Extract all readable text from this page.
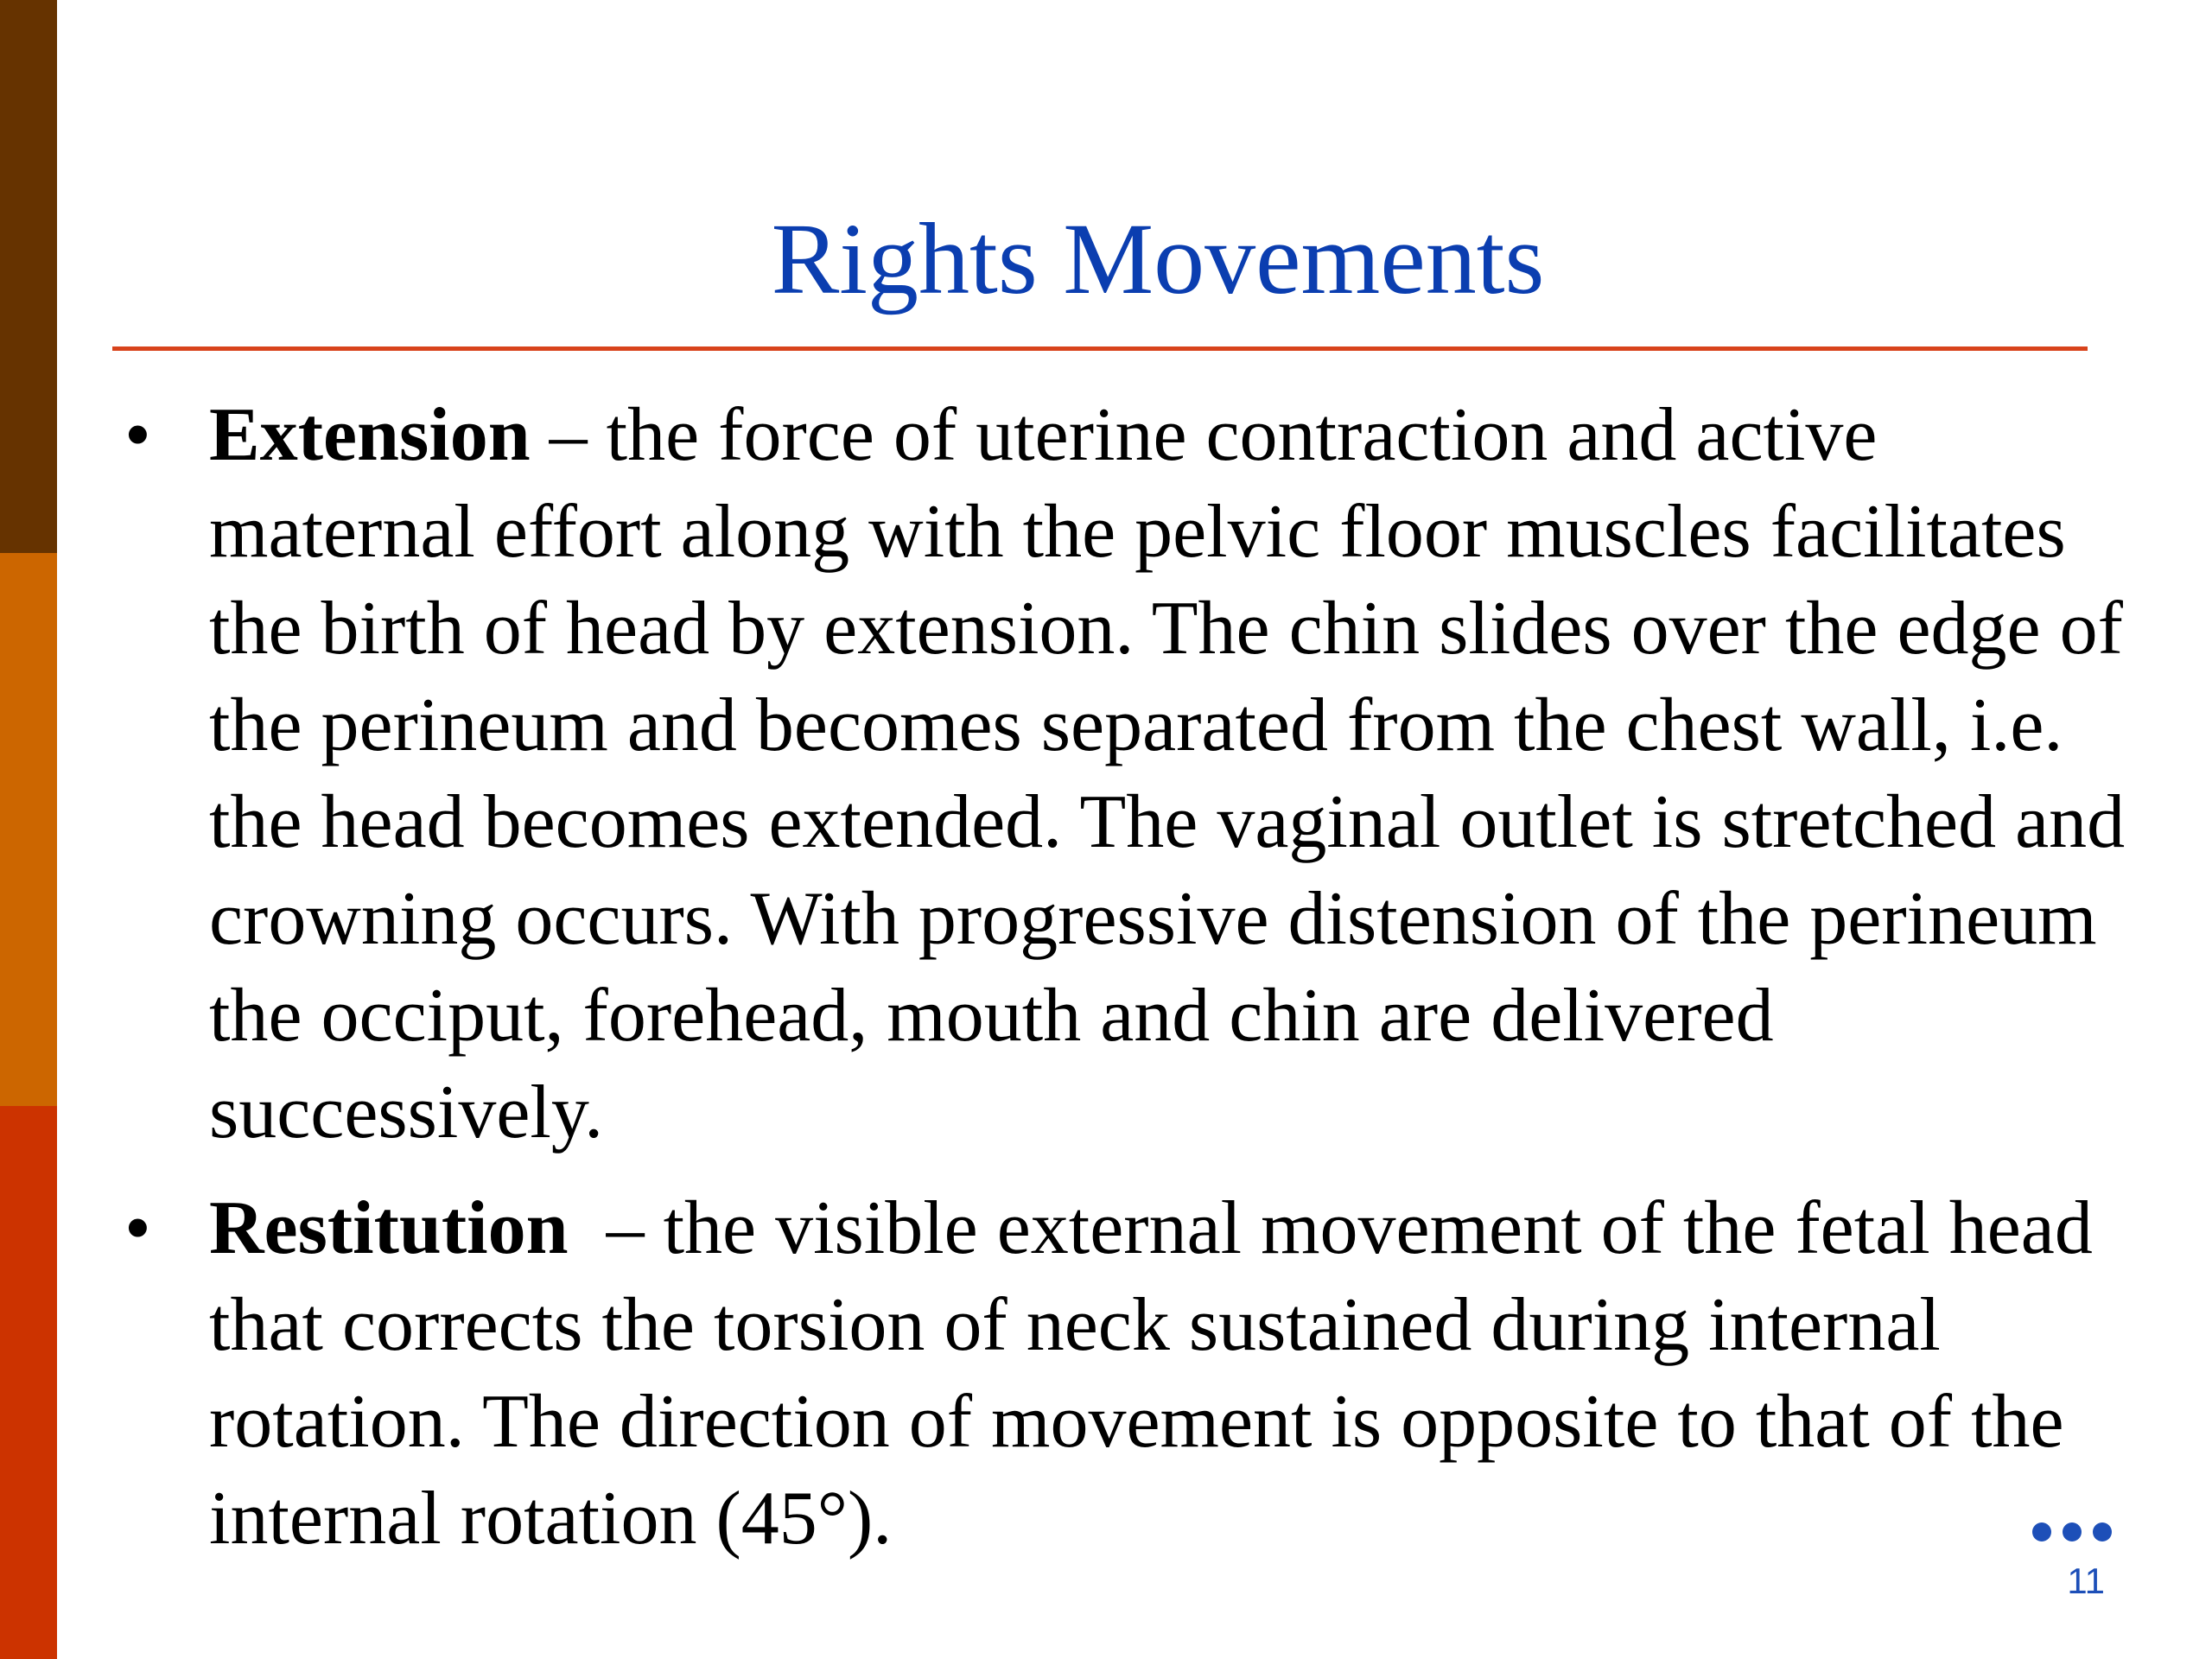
Rights Movements
• Extension – the force of uterine contraction and active maternal effort along with the pelvic floor muscles facilitates the birth of head by extension. The chin slides over the edge of the perineum and becomes separated from the chest wall, i.e. the head becomes extended. The vaginal outlet is stretched and crowning occurs. With progressive distension of the perineum the occiput, forehead, mouth and chin are delivered successively.
• Restitution  – the visible external movement of the fetal head that corrects the torsion of neck sustained during internal rotation. The direction of movement is opposite to that of the internal rotation (45°).
11
